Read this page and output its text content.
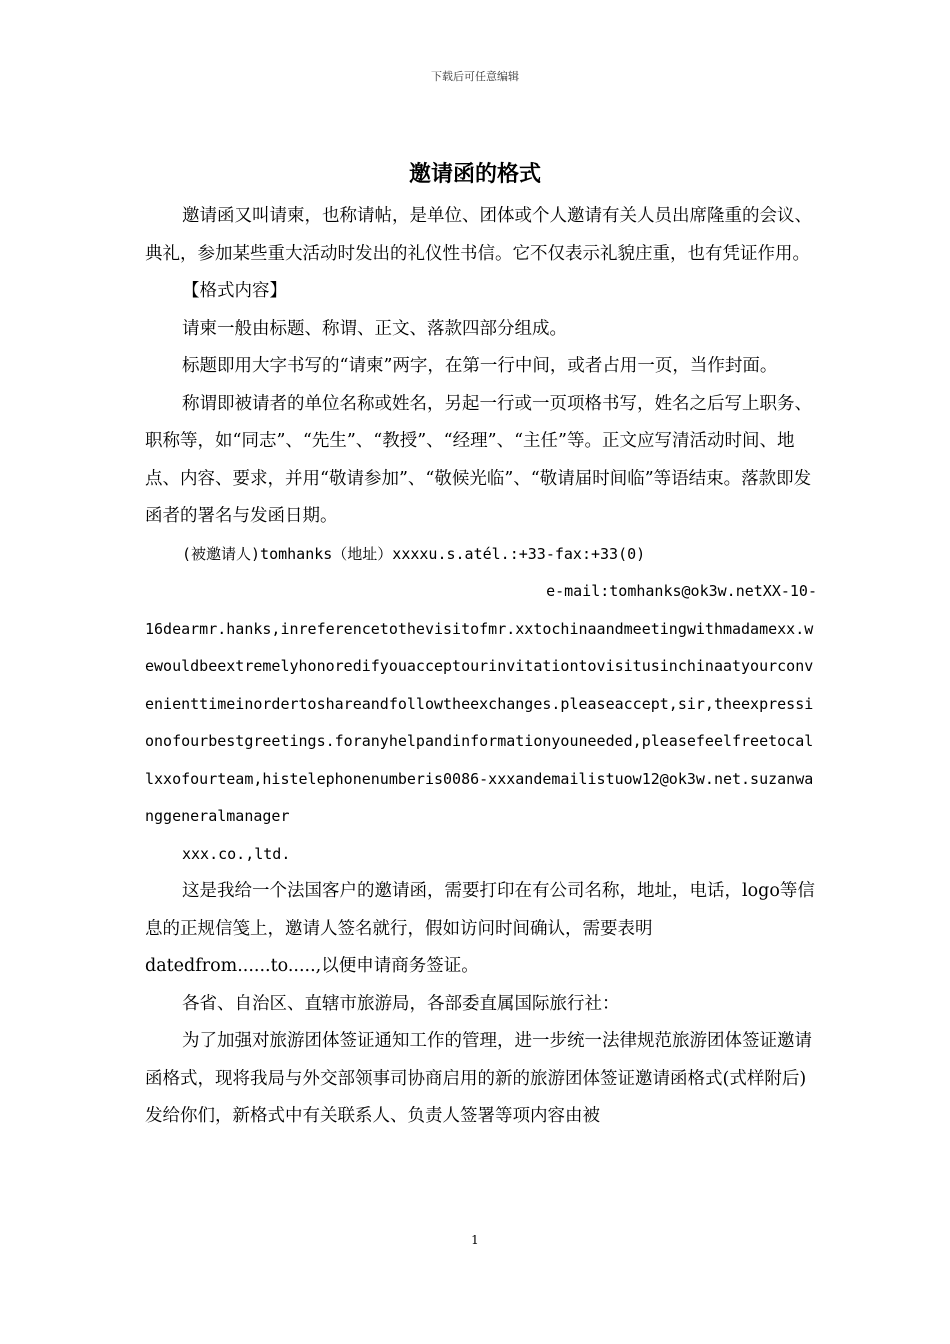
下载后可任意编辑
邀请函的格式

邀请函又叫请柬，也称请帖，是单位、团体或个人邀请有关人员出席隆重的会议、典礼，参加某些重大活动时发出的礼仪性书信。它不仅表示礼貌庄重，也有凭证作用。

【格式内容】

请柬一般由标题、称谓、正文、落款四部分组成。

标题即用大字书写的“请柬”两字，在第一行中间，或者占用一页，当作封面。

称谓即被请者的单位名称或姓名，另起一行或一页项格书写，姓名之后写上职务、职称等，如“同志”、“先生”、“教授”、“经理”、“主任”等。正文应写清活动时间、地点、内容、要求，并用“敬请参加”、“敬候光临”、“敬请届时间临”等语结束。落款即发函者的署名与发函日期。

(被邀请人)tomhanks（地址）xxxxu.s.atél.:+33-fax:+33(0)

e-mail:tomhanks@ok3w.netXX-10-

16dearmr.hanks,inreferencetothevisitofmr.xxtochinaandmeetingwithmadamexx.wewouldbeextremelyhonoredifyouacceptourinvitationtovisitusinchinaatyourconvenienttimeinordertoshareandfollowtheexchanges.pleaseaccept,sir,theexpressionofourbestgreetings.foranyhelpandinformationyouneeded,pleasefeelfreetocallxxofourteam,histelephonenumberis0086-xxxandemailistuow12@ok3w.net.suzanwanggeneralmanager

xxx.co.,ltd.

这是我给一个法国客户的邀请函，需要打印在有公司名称，地址，电话，logo等信息的正规信笺上，邀请人签名就行，假如访问时间确认，需要表明datedfrom......to.....,以便申请商务签证。

各省、自治区、直辖市旅游局，各部委直属国际旅行社：

为了加强对旅游团体签证通知工作的管理，进一步统一法律规范旅游团体签证邀请函格式，现将我局与外交部领事司协商启用的新的旅游团体签证邀请函格式(式样附后)发给你们，新格式中有关联系人、负责人签署等项内容由被

1
